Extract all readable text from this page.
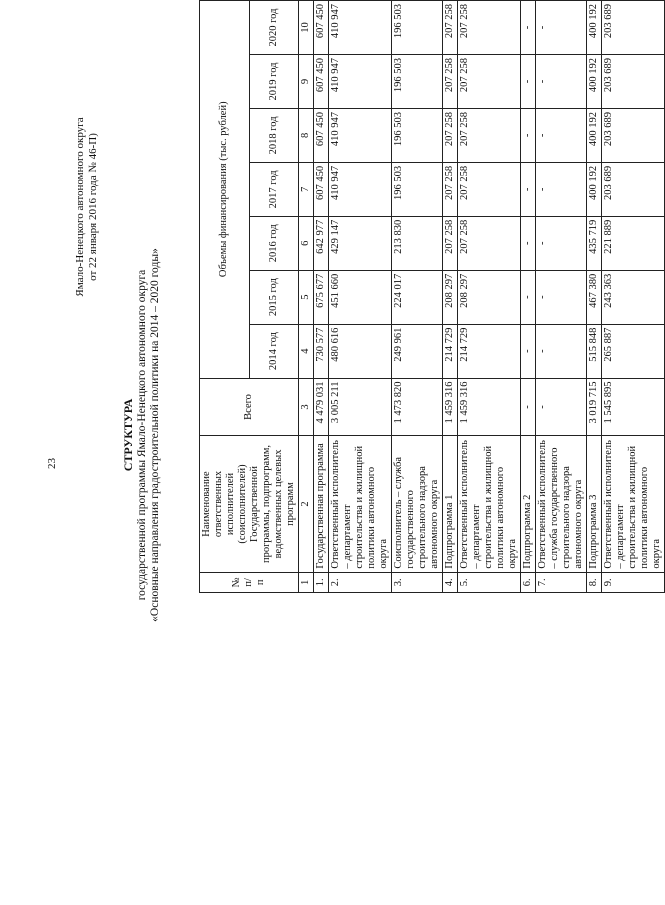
23
Ямало-Ненецкого автономного округа от 22 января 2016 года № 46-П)
СТРУКТУРА государственной программы Ямало-Ненецкого автономного округа «Основные направления градостроительной политики на 2014 – 2020 годы»	№ п/п	Наименование ответственных исполнителей (соисполнителей) Государственной программы, подпрограмм, ведомственных целевых программ	Всего	Объемы финансирования (тыс. рублей)						
			2014 год	2015 год	2016 год	2017 год	2018 год	2019 год	2020 год
1	2	3	4	5	6	7	8	9	10
1.	Государственная программа	4 479 031	730 577	675 677	642 977	607 450	607 450	607 450	607 450
2.	Ответственный исполнитель – департамент строительства и жилищной политики автономного округа	3 005 211	480 616	451 660	429 147	410 947	410 947	410 947	410 947
3.	Соисполнитель – служба государственного строительного надзора автономного округа	1 473 820	249 961	224 017	213 830	196 503	196 503	196 503	196 503
4.	Подпрограмма 1	1 459 316	214 729	208 297	207 258	207 258	207 258	207 258	207 258
5.	Ответственный исполнитель – департамент строительства и жилищной политики автономного округа	1 459 316	214 729	208 297	207 258	207 258	207 258	207 258	207 258
6.	Подпрограмма 2	-	-	-	-	-	-	-	-
7.	Ответственный исполнитель – служба государственного строительного надзора автономного округа	-	-	-	-	-	-	-	-
8.	Подпрограмма 3	3 019 715	515 848	467 380	435 719	400 192	400 192	400 192	400 192
9.	Ответственный исполнитель – департамент строительства и жилищной политики автономного округа	1 545 895	265 887	243 363	221 889	203 689	203 689	203 689	203 689
